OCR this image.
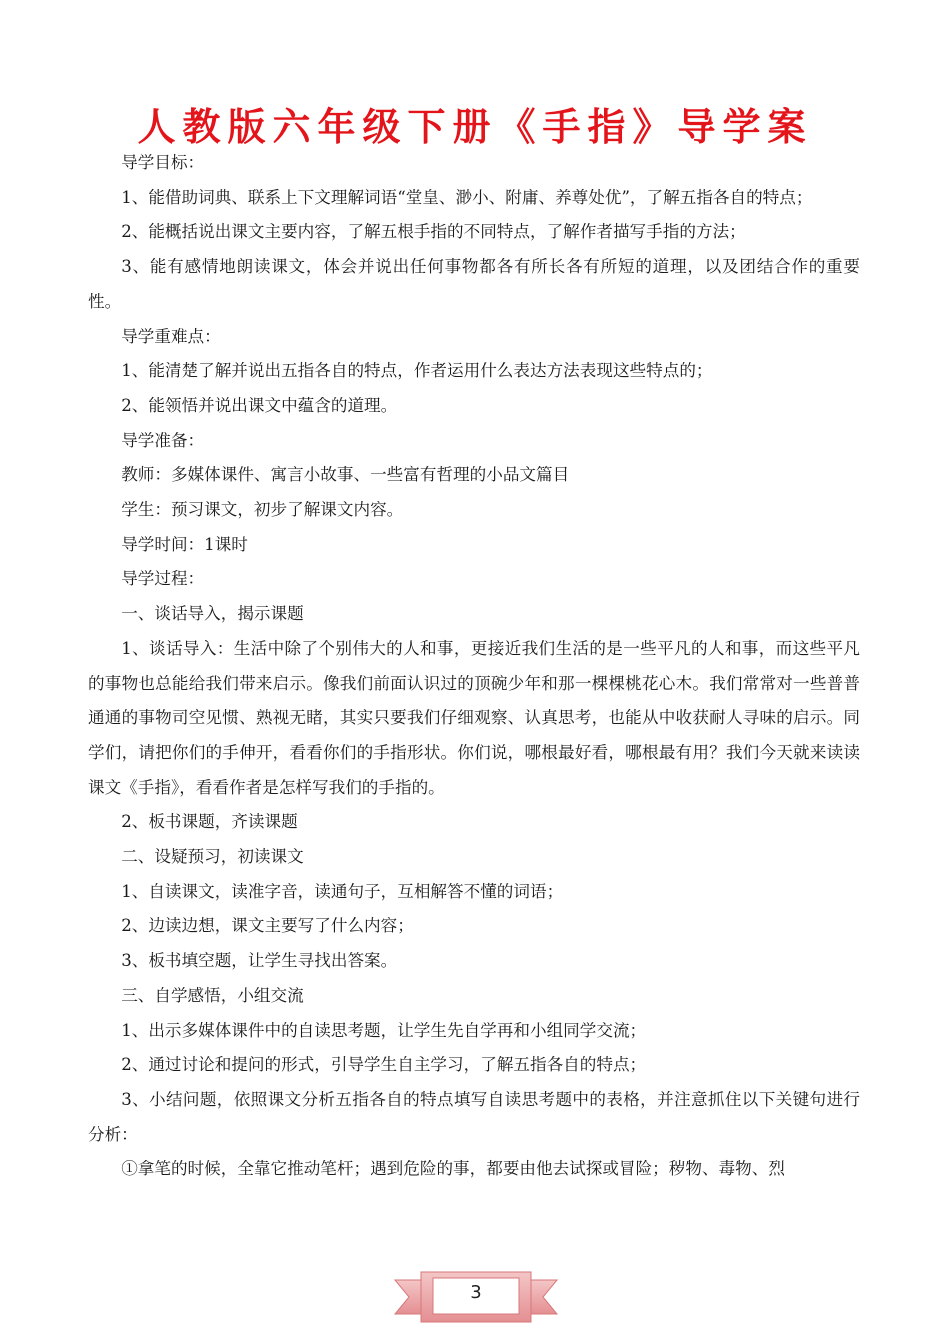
人教版六年级下册《手指》导学案

导学目标：

1、能借助词典、联系上下文理解词语“堂皇、渺小、附庸、养尊处优”，了解五指各自的特点；

2、能概括说出课文主要内容，了解五根手指的不同特点，了解作者描写手指的方法；

3、能有感情地朗读课文，体会并说出任何事物都各有所长各有所短的道理，以及团结合作的重要性。

导学重难点：

1、能清楚了解并说出五指各自的特点，作者运用什么表达方法表现这些特点的；

2、能领悟并说出课文中蕴含的道理。

导学准备：

教师：多媒体课件、寓言小故事、一些富有哲理的小品文篇目

学生：预习课文，初步了解课文内容。

导学时间：1课时

导学过程：

一、谈话导入，揭示课题

1、谈话导入：生活中除了个别伟大的人和事，更接近我们生活的是一些平凡的人和事，而这些平凡的事物也总能给我们带来启示。像我们前面认识过的顶碗少年和那一棵棵桃花心木。我们常常对一些普普通通的事物司空见惯、熟视无睹，其实只要我们仔细观察、认真思考，也能从中收获耐人寻味的启示。同学们，请把你们的手伸开，看看你们的手指形状。你们说，哪根最好看，哪根最有用？我们今天就来读读课文《手指》，看看作者是怎样写我们的手指的。

2、板书课题，齐读课题

二、设疑预习，初读课文

1、自读课文，读准字音，读通句子，互相解答不懂的词语；

2、边读边想，课文主要写了什么内容；

3、板书填空题，让学生寻找出答案。

三、自学感悟，小组交流

1、出示多媒体课件中的自读思考题，让学生先自学再和小组同学交流；

2、通过讨论和提问的形式，引导学生自主学习，了解五指各自的特点；

3、小结问题，依照课文分析五指各自的特点填写自读思考题中的表格，并注意抓住以下关键句进行分析：

①拿笔的时候，全靠它推动笔杆；遇到危险的事，都要由他去试探或冒险；秽物、毒物、烈

3
